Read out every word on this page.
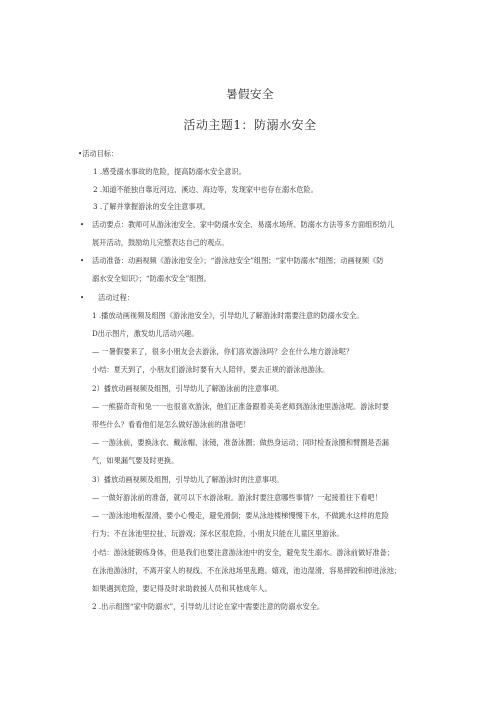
暑假安全
活动主题1：防溺水安全
•活动目标：
1 .感受溺水事故的危险，提高防溺水安全意识。
2 .知道不能独自靠近河边、溪边、海边等，发现家中也存在溺水危险。
3 .了解并掌握游泳的安全注意事项。
• 活动要点：教师可从游泳池安全、家中防溺水安全、易溺水场所、防溺水方法等多方面组织幼儿
展开活动，鼓励幼儿完整表达自己的观点。
• 活动准备：动画视频《游泳池安全》；“游泳池安全”组图；“家中防溺水”组图；动画视频《防
溺水安全知识》；“防溺水安全”组图。
• 活动过程：
1 .播放动画视频及组图《游泳池安全》，引导幼儿了解游泳时需要注意的防溺水安全。
D出示图片，激发幼儿活动兴趣。
— 一暑假要来了，很多小朋友会去游泳，你们喜欢游泳吗？会在什么地方游泳呢？
小结：夏天到了，小朋友们游泳时要有大人陪伴，要去正规的游泳池游泳。
2）播放动画视频及组图，引导幼儿了解游泳前的注意事项。
— 一熊猫奇奇和兔一一也很喜欢游泳，他们正准备跟着美美老师到游泳池里游泳呢。游泳时要
带些什么？看看他们是怎么做好游泳前的准备吧！
— 一游泳前，要换泳衣、戴泳帽、泳镜，准备泳圈；做热身运动；同时检查泳圈和臂圈是否漏
气，如果漏气要及时更换。
3）播放动画视频及组图，引导幼儿了解游泳时的注意事项。
— 一做好游泳前的准备，就可以下水游泳啦。游泳时要注意哪些事情？一起接着往下看吧！
— 一游泳池地板湿滑，要小心慢走，避免滑倒；要从泳池楼梯慢慢下水，不做跳水这样的危险
行为；不在泳池里拉扯、玩游戏；深水区很危险，小朋友只能在儿童区里游泳。
小结：游泳能锻炼身体，但是我们也要注意游泳池中的安全，避免发生溺水。游泳前做好准备；
在泳池游泳时，不离开家人的视线、不在泳池场里乱跑、嬉戏，池边湿滑，容易摔跤和掉进泳池；
如果遇到危险，要记得及时求助救援人员和其他成年人。
2 .出示组图“家中防溺水”，引导幼儿讨论在家中需要注意的防溺水安全。
